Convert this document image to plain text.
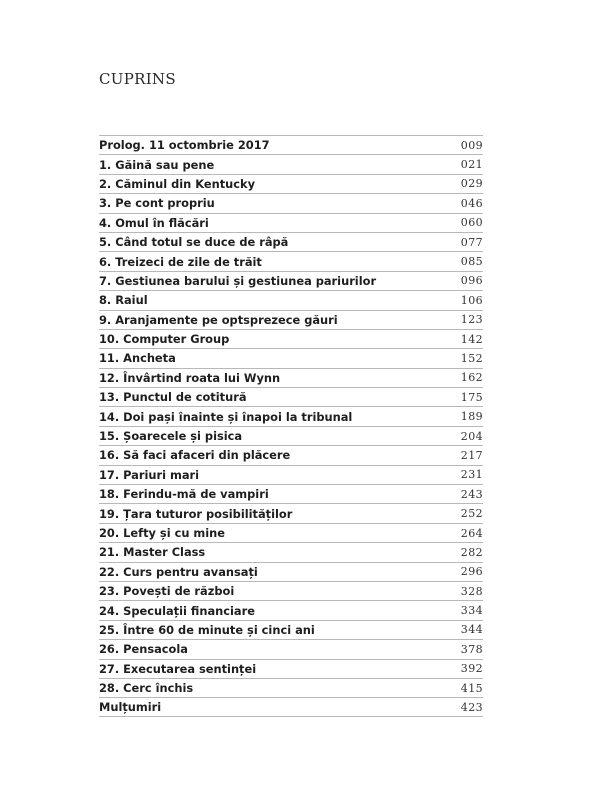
CUPRINS
Prolog. 11 octombrie 2017	009
1. Găină sau pene	021
2. Căminul din Kentucky	029
3. Pe cont propriu	046
4. Omul în flăcări	060
5. Când totul se duce de râpă	077
6. Treizeci de zile de trăit	085
7. Gestiunea barului și gestiunea pariurilor	096
8. Raiul	106
9. Aranjamente pe optsprezece găuri	123
10. Computer Group	142
11. Ancheta	152
12. Învârtind roata lui Wynn	162
13. Punctul de cotitură	175
14. Doi pași înainte și înapoi la tribunal	189
15. Șoarecele și pisica	204
16. Să faci afaceri din plăcere	217
17. Pariuri mari	231
18. Ferindu-mă de vampiri	243
19. Țara tuturor posibilităților	252
20. Lefty și cu mine	264
21. Master Class	282
22. Curs pentru avansați	296
23. Povești de război	328
24. Speculații financiare	334
25. Între 60 de minute și cinci ani	344
26. Pensacola	378
27. Executarea sentinței	392
28. Cerc închis	415
Mulțumiri	423
